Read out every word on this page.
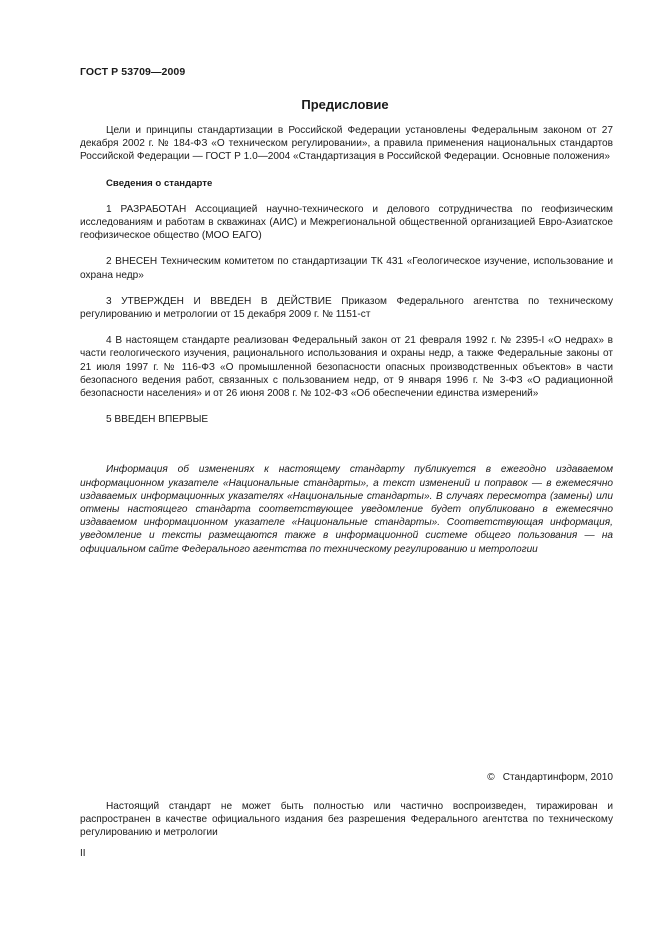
ГОСТ Р 53709—2009
Предисловие

Цели и принципы стандартизации в Российской Федерации установлены Федеральным законом от 27 декабря 2002 г. № 184-ФЗ «О техническом регулировании», а правила применения национальных стандартов Российской Федерации — ГОСТ Р 1.0—2004 «Стандартизация в Российской Федерации. Основные положения»

Сведения о стандарте

1 РАЗРАБОТАН Ассоциацией научно-технического и делового сотрудничества по геофизическим исследованиям и работам в скважинах (АИС) и Межрегиональной общественной организацией Евро-Азиатское геофизическое общество (МОО ЕАГО)

2 ВНЕСЕН Техническим комитетом по стандартизации ТК 431 «Геологическое изучение, использование и охрана недр»

3 УТВЕРЖДЕН И ВВЕДЕН В ДЕЙСТВИЕ Приказом Федерального агентства по техническому регулированию и метрологии от 15 декабря 2009 г. № 1151-ст

4 В настоящем стандарте реализован Федеральный закон от 21 февраля 1992 г. № 2395-I «О недрах» в части геологического изучения, рационального использования и охраны недр, а также Федеральные законы от 21 июля 1997 г. № 116-ФЗ «О промышленной безопасности опасных производственных объектов» в части безопасного ведения работ, связанных с пользованием недр, от 9 января 1996 г. № 3-ФЗ «О радиационной безопасности населения» и от 26 июня 2008 г. № 102-ФЗ «Об обеспечении единства измерений»

5 ВВЕДЕН ВПЕРВЫЕ

Информация об изменениях к настоящему стандарту публикуется в ежегодно издаваемом информационном указателе «Национальные стандарты», а текст изменений и поправок — в ежемесячно издаваемых информационных указателях «Национальные стандарты». В случаях пересмотра (замены) или отмены настоящего стандарта соответствующее уведомление будет опубликовано в ежемесячно издаваемом информационном указателе «Национальные стандарты». Соответствующая информация, уведомление и тексты размещаются также в информационной системе общего пользования — на официальном сайте Федерального агентства по техническому регулированию и метрологии

© Стандартинформ, 2010

Настоящий стандарт не может быть полностью или частично воспроизведен, тиражирован и распространен в качестве официального издания без разрешения Федерального агентства по техническому регулированию и метрологии

II
